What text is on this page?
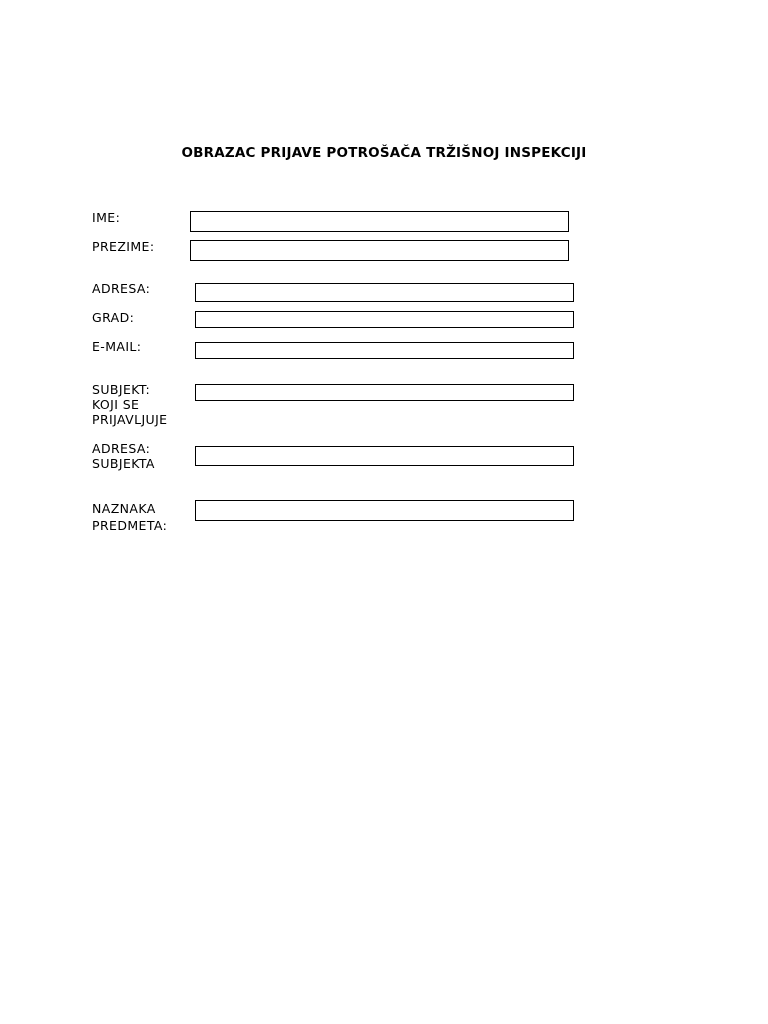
OBRAZAC PRIJAVE POTROŠAČA TRŽIŠNOJ INSPEKCIJI

IME:

PREZIME:

ADRESA:

GRAD:

E-MAIL:

SUBJEKT:
KOJI SE
PRIJAVLJUJE
ADRESA:
SUBJEKTA
NAZNAKA
PREDMETA:
